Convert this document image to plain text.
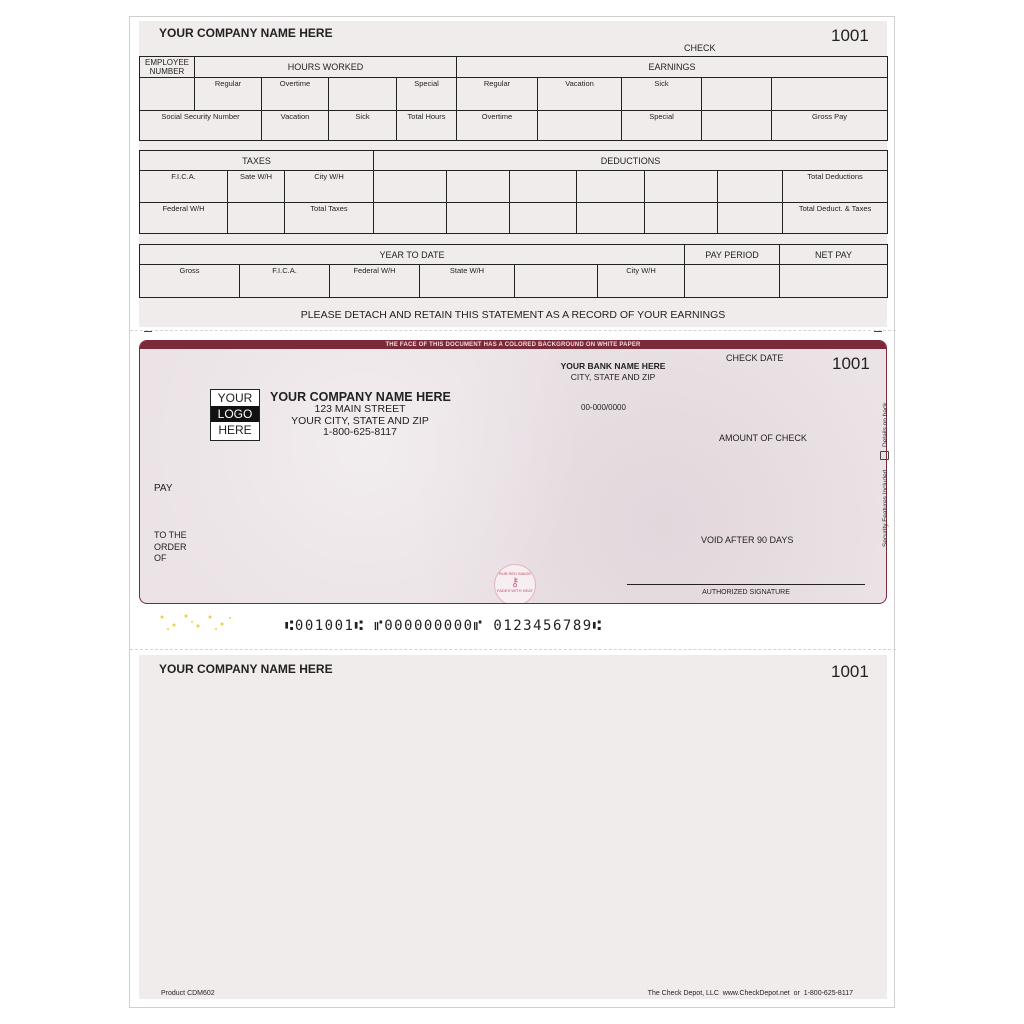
YOUR COMPANY NAME HERE
CHECK
1001
EMPLOYEE NUMBER	HOURS WORKED				EARNINGS				
	Regular	Overtime		Special	Regular	Vacation	Sick		
Social Security Number		Vacation	Sick	Total Hours	Overtime		Special		Gross Pay
TAXES			DEDUCTIONS						
F.I.C.A.	Sate W/H	City W/H							Total Deductions
Federal W/H		Total Taxes							Total Deduct. & Taxes
YEAR TO DATE						PAY PERIOD	NET PAY
Gross	F.I.C.A.	Federal W/H	State W/H		City W/H		
PLEASE DETACH AND RETAIN THIS STATEMENT AS A RECORD OF YOUR EARNINGS
THE FACE OF THIS DOCUMENT HAS A COLORED BACKGROUND ON WHITE PAPER
YOUR
LOGO
HERE
YOUR COMPANY NAME HERE
123 MAIN STREET
YOUR CITY, STATE AND ZIP
1-800-625-8117
YOUR BANK NAME HERE
CITY, STATE AND ZIP
00-000/0000
CHECK DATE	1001
AMOUNT OF CHECK
PAY
TO THE
ORDER
OF
VOID AFTER 90 DAYS
AUTHORIZED SIGNATURE
RUB RED IMAGE
⚷
FADES WITH HEAT
Details on back.
Security Features Included
⑆001001⑆ ⑈000000000⑈ 0123456789⑆
YOUR COMPANY NAME HERE	1001
Product CDM602	The Check Depot, LLC  www.CheckDepot.net  or  1-800-625-8117
